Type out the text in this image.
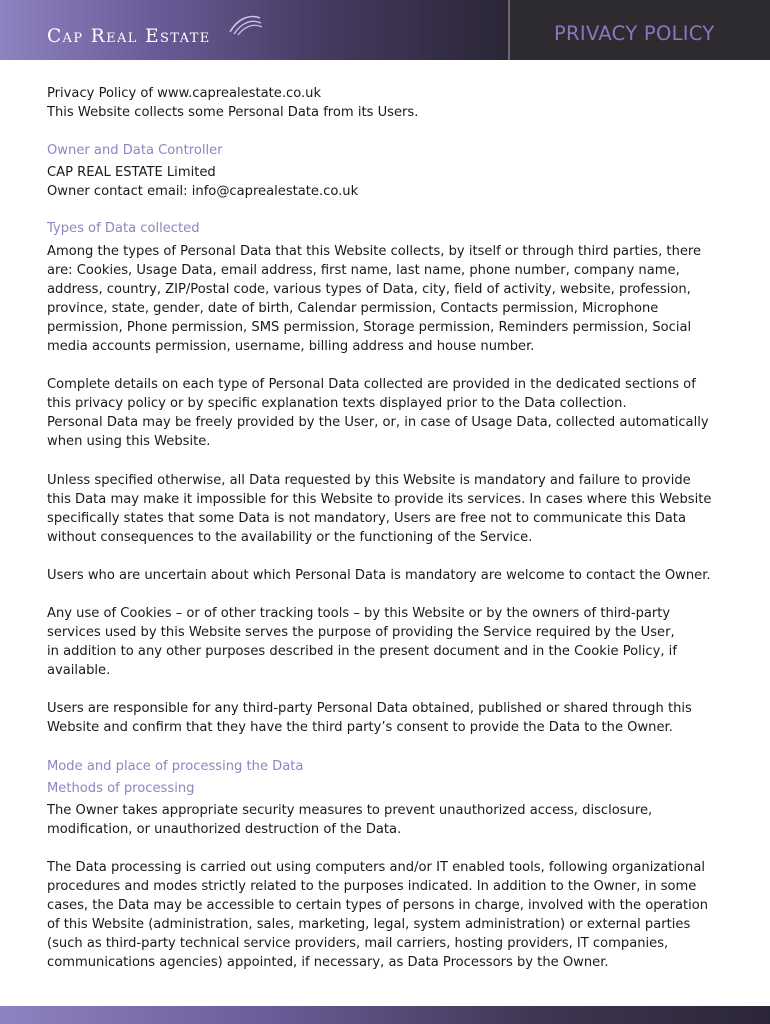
Cap Real Estate	PRIVACY POLICY

Privacy Policy of www.caprealestate.co.uk

This Website collects some Personal Data from its Users.

Owner and Data Controller

CAP REAL ESTATE Limited

Owner contact email: info@caprealestate.co.uk

Types of Data collected

Among the types of Personal Data that this Website collects, by itself or through third parties, there
are: Cookies, Usage Data, email address, first name, last name, phone number, company name,
address, country, ZIP/Postal code, various types of Data, city, field of activity, website, profession,
province, state, gender, date of birth, Calendar permission, Contacts permission, Microphone
permission, Phone permission, SMS permission, Storage permission, Reminders permission, Social
media accounts permission, username, billing address and house number.

Complete details on each type of Personal Data collected are provided in the dedicated sections of
this privacy policy or by specific explanation texts displayed prior to the Data collection.
Personal Data may be freely provided by the User, or, in case of Usage Data, collected automatically
when using this Website.

Unless specified otherwise, all Data requested by this Website is mandatory and failure to provide
this Data may make it impossible for this Website to provide its services. In cases where this Website
specifically states that some Data is not mandatory, Users are free not to communicate this Data
without consequences to the availability or the functioning of the Service.

Users who are uncertain about which Personal Data is mandatory are welcome to contact the Owner.

Any use of Cookies – or of other tracking tools – by this Website or by the owners of third-party
services used by this Website serves the purpose of providing the Service required by the User,
in addition to any other purposes described in the present document and in the Cookie Policy, if
available.

Users are responsible for any third-party Personal Data obtained, published or shared through this
Website and confirm that they have the third party’s consent to provide the Data to the Owner.

Mode and place of processing the Data
Methods of processing

The Owner takes appropriate security measures to prevent unauthorized access, disclosure,
modification, or unauthorized destruction of the Data.

The Data processing is carried out using computers and/or IT enabled tools, following organizational
procedures and modes strictly related to the purposes indicated. In addition to the Owner, in some
cases, the Data may be accessible to certain types of persons in charge, involved with the operation
of this Website (administration, sales, marketing, legal, system administration) or external parties
(such as third-party technical service providers, mail carriers, hosting providers, IT companies,
communications agencies) appointed, if necessary, as Data Processors by the Owner.
